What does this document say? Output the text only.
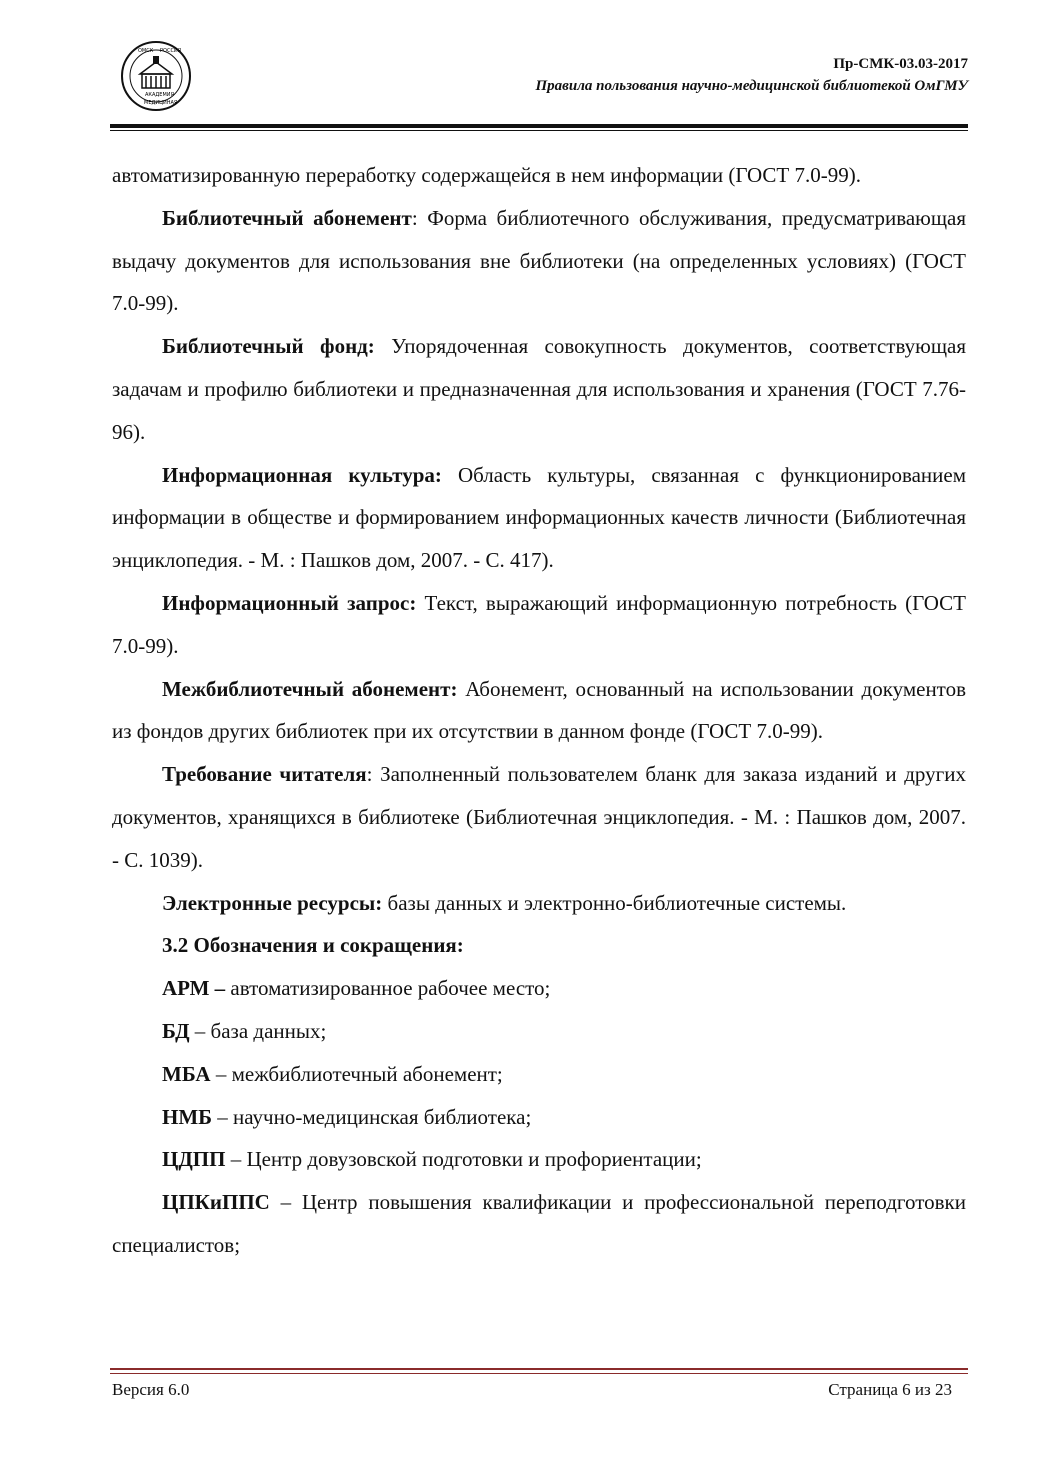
ОМСК РОССИЯ
АКАДЕМИЯ
МЕДИЦИНАЯ
Пр-СМК-03.03-2017
Правила пользования научно-медицинской библиотекой ОмГМУ

автоматизированную переработку содержащейся в нем информации (ГОСТ 7.0-99).

Библиотечный абонемент: Форма библиотечного обслуживания, предусматривающая выдачу документов для использования вне библиотеки (на определенных условиях) (ГОСТ 7.0-99).

Библиотечный фонд: Упорядоченная совокупность документов, соответствующая задачам и профилю библиотеки и предназначенная для использования и хранения (ГОСТ 7.76-96).

Информационная культура: Область культуры, связанная с функционированием информации в обществе и формированием информационных качеств личности (Библиотечная энциклопедия. - М. : Пашков дом, 2007. - С. 417).

Информационный запрос: Текст, выражающий информационную потребность (ГОСТ 7.0-99).

Межбиблиотечный абонемент: Абонемент, основанный на использовании документов из фондов других библиотек при их отсутствии в данном фонде (ГОСТ 7.0-99).

Требование читателя: Заполненный пользователем бланк для заказа изданий и других документов, хранящихся в библиотеке (Библиотечная энциклопедия. - М. : Пашков дом, 2007. - С. 1039).

Электронные ресурсы: базы данных и электронно-библиотечные системы.

3.2 Обозначения и сокращения:

АРМ – автоматизированное рабочее место;

БД – база данных;

МБА – межбиблиотечный абонемент;

НМБ – научно-медицинская библиотека;

ЦДПП – Центр довузовской подготовки и профориентации;

ЦПКиППС – Центр повышения квалификации и профессиональной переподготовки специалистов;

Версия 6.0	Страница 6 из 23
